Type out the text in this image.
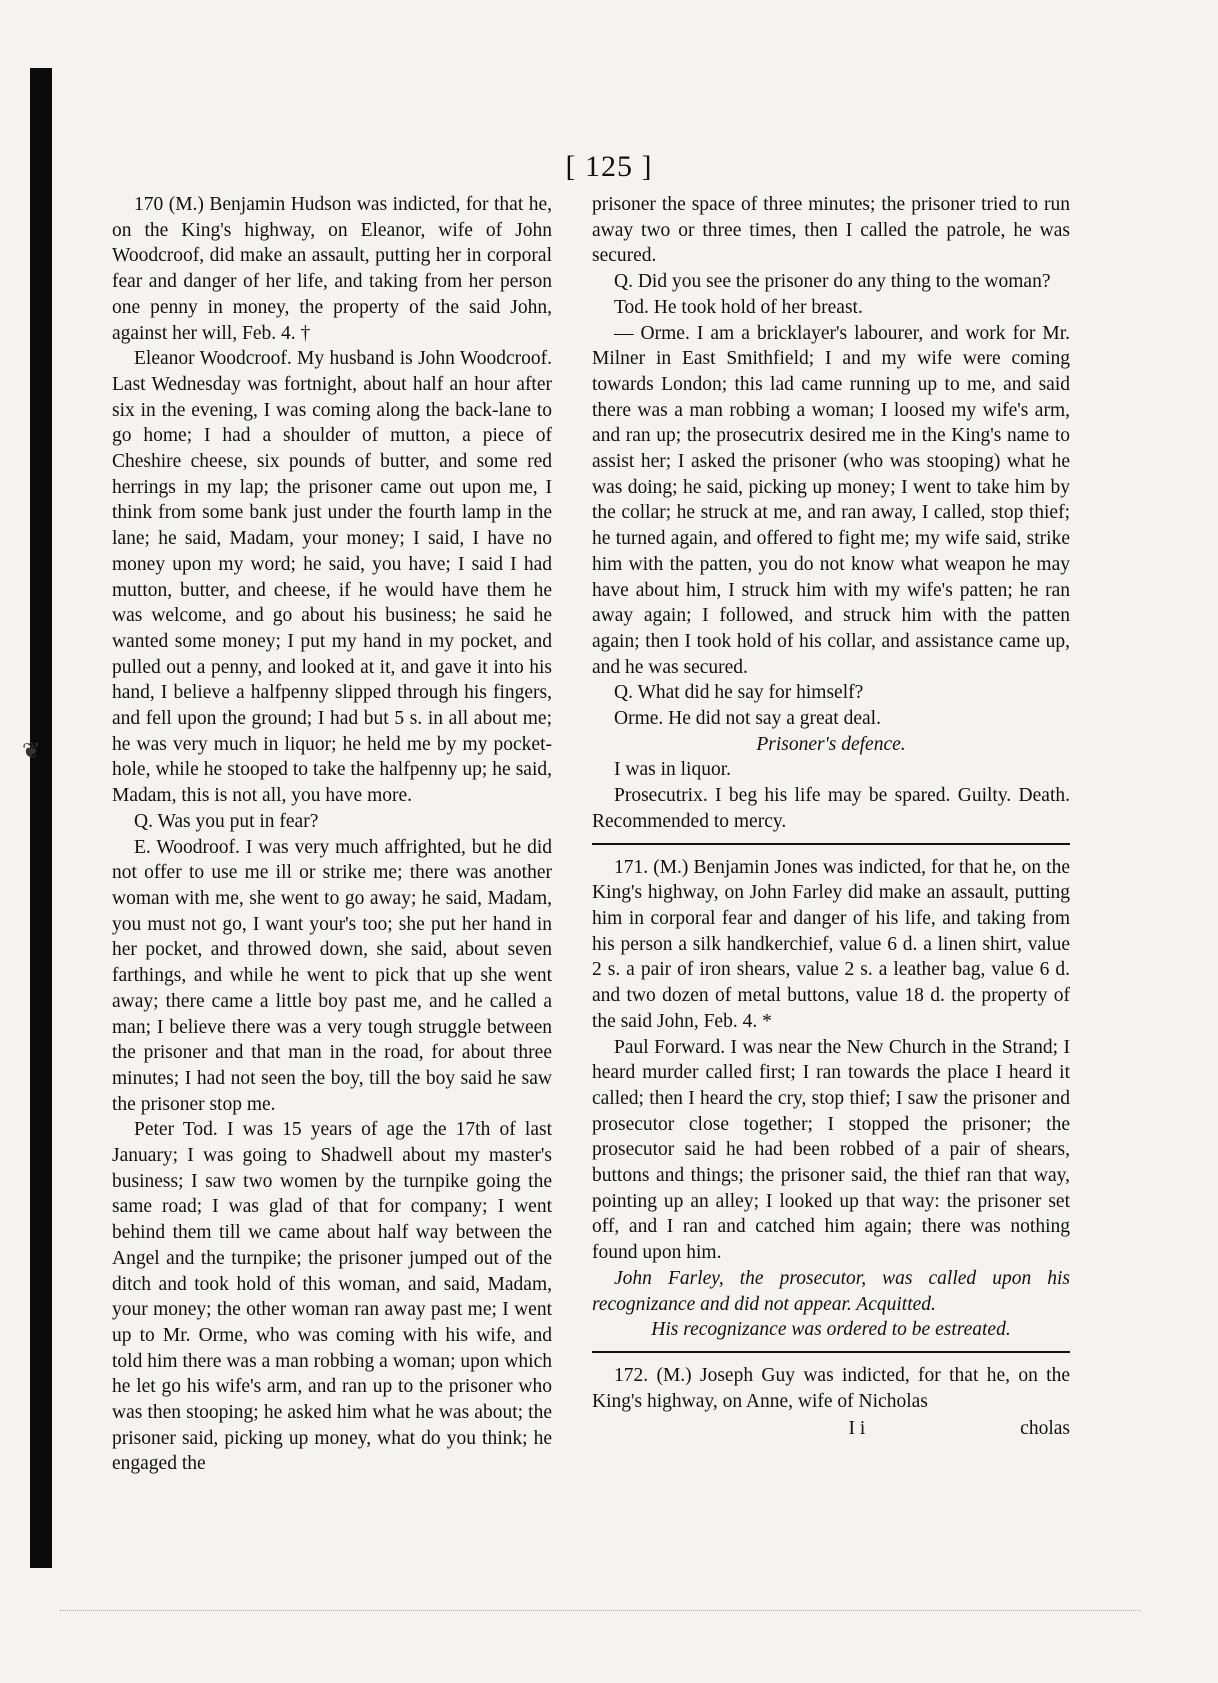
❦
[ 125 ]

170 (M.) Benjamin Hudson was indicted, for that he, on the King's highway, on Eleanor, wife of John Woodcroof, did make an assault, putting her in corporal fear and danger of her life, and taking from her person one penny in money, the property of the said John, against her will, Feb. 4. †

Eleanor Woodcroof. My husband is John Woodcroof. Last Wednesday was fortnight, about half an hour after six in the evening, I was coming along the back-lane to go home; I had a shoulder of mutton, a piece of Cheshire cheese, six pounds of butter, and some red herrings in my lap; the prisoner came out upon me, I think from some bank just under the fourth lamp in the lane; he said, Madam, your money; I said, I have no money upon my word; he said, you have; I said I had mutton, butter, and cheese, if he would have them he was welcome, and go about his business; he said he wanted some money; I put my hand in my pocket, and pulled out a penny, and looked at it, and gave it into his hand, I believe a halfpenny slipped through his fingers, and fell upon the ground; I had but 5 s. in all about me; he was very much in liquor; he held me by my pocket-hole, while he stooped to take the halfpenny up; he said, Madam, this is not all, you have more.

Q. Was you put in fear?

E. Woodroof. I was very much affrighted, but he did not offer to use me ill or strike me; there was another woman with me, she went to go away; he said, Madam, you must not go, I want your's too; she put her hand in her pocket, and throwed down, she said, about seven farthings, and while he went to pick that up she went away; there came a little boy past me, and he called a man; I believe there was a very tough struggle between the prisoner and that man in the road, for about three minutes; I had not seen the boy, till the boy said he saw the prisoner stop me.

Peter Tod. I was 15 years of age the 17th of last January; I was going to Shadwell about my master's business; I saw two women by the turnpike going the same road; I was glad of that for company; I went behind them till we came about half way between the Angel and the turnpike; the prisoner jumped out of the ditch and took hold of this woman, and said, Madam, your money; the other woman ran away past me; I went up to Mr. Orme, who was coming with his wife, and told him there was a man robbing a woman; upon which he let go his wife's arm, and ran up to the prisoner who was then stooping; he asked him what he was about; the prisoner said, picking up money, what do you think; he engaged the

prisoner the space of three minutes; the prisoner tried to run away two or three times, then I called the patrole, he was secured.

Q. Did you see the prisoner do any thing to the woman?

Tod. He took hold of her breast.

— Orme. I am a bricklayer's labourer, and work for Mr. Milner in East Smithfield; I and my wife were coming towards London; this lad came running up to me, and said there was a man robbing a woman; I loosed my wife's arm, and ran up; the prosecutrix desired me in the King's name to assist her; I asked the prisoner (who was stooping) what he was doing; he said, picking up money; I went to take him by the collar; he struck at me, and ran away, I called, stop thief; he turned again, and offered to fight me; my wife said, strike him with the patten, you do not know what weapon he may have about him, I struck him with my wife's patten; he ran away again; I followed, and struck him with the patten again; then I took hold of his collar, and assistance came up, and he was secured.

Q. What did he say for himself?

Orme. He did not say a great deal.

Prisoner's defence.

I was in liquor.

Prosecutrix. I beg his life may be spared. Guilty. Death. Recommended to mercy.

171. (M.) Benjamin Jones was indicted, for that he, on the King's highway, on John Farley did make an assault, putting him in corporal fear and danger of his life, and taking from his person a silk handkerchief, value 6 d. a linen shirt, value 2 s. a pair of iron shears, value 2 s. a leather bag, value 6 d. and two dozen of metal buttons, value 18 d. the property of the said John, Feb. 4. *

Paul Forward. I was near the New Church in the Strand; I heard murder called first; I ran towards the place I heard it called; then I heard the cry, stop thief; I saw the prisoner and prosecutor close together; I stopped the prisoner; the prosecutor said he had been robbed of a pair of shears, buttons and things; the prisoner said, the thief ran that way, pointing up an alley; I looked up that way: the prisoner set off, and I ran and catched him again; there was nothing found upon him.

John Farley, the prosecutor, was called upon his recognizance and did not appear. Acquitted.

His recognizance was ordered to be estreated.

172. (M.) Joseph Guy was indicted, for that he, on the King's highway, on Anne, wife of Nicholas

I i	cholas
